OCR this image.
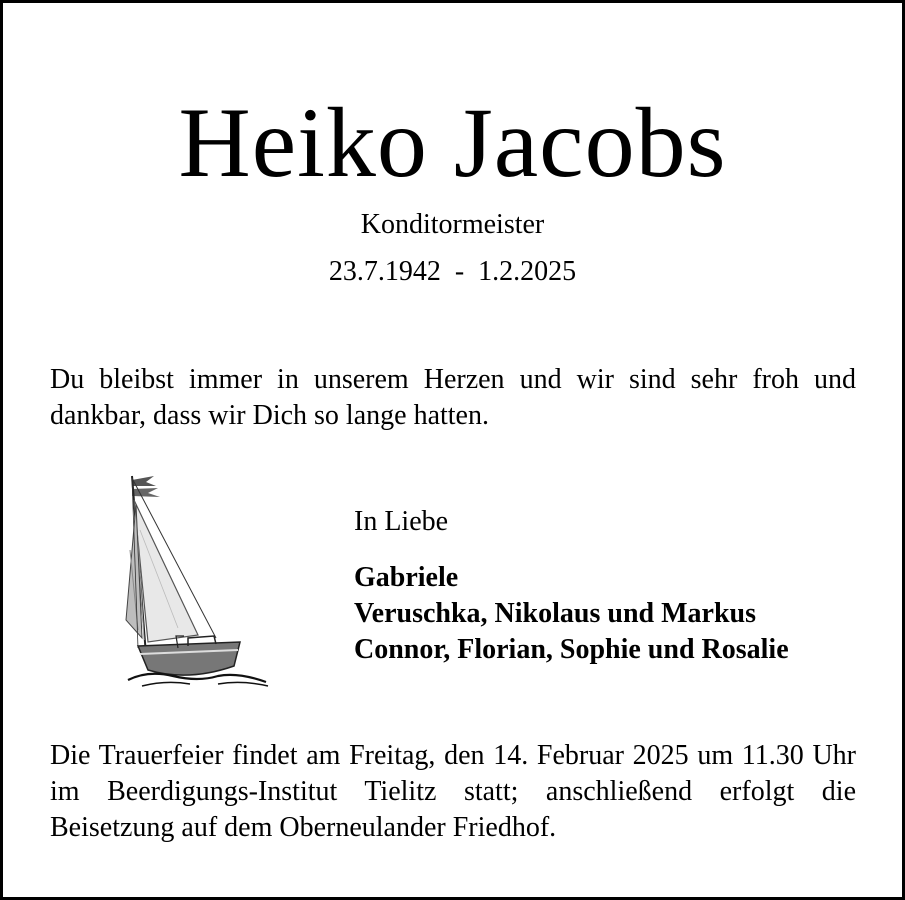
Heiko Jacobs
Konditormeister
23.7.1942  -  1.2.2025
Du bleibst immer in unserem Herzen und wir sind sehr froh und dankbar, dass wir Dich so lange hatten.
In Liebe
Gabriele
Veruschka, Nikolaus und Markus
Connor, Florian, Sophie und Rosalie
Die Trauerfeier findet am Freitag, den 14. Februar 2025 um 11.30 Uhr im Beerdigungs-Institut Tielitz statt; anschließend erfolgt die Beisetzung auf dem Oberneulander Friedhof.
